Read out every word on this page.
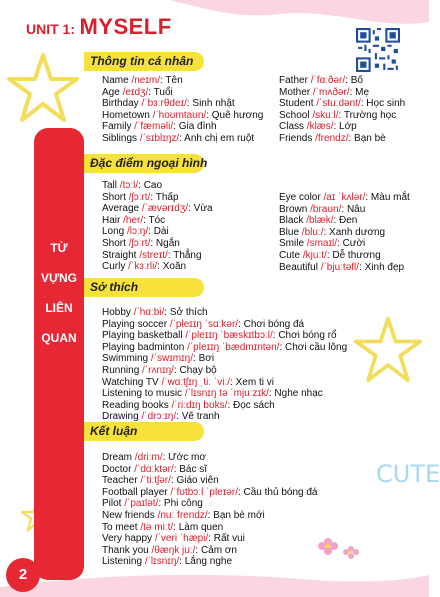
UNIT 1: MYSELF
CUTE
TỪ
VỰNG
LIÊN
QUAN
2
Thông tin cá nhân
Name /neɪm/: Tên
Age /eɪdʒ/: Tuổi
Birthday /ˈbɜːrθdeɪ/: Sinh nhật
Hometown /ˈhoʊmtaʊn/: Quê hương
Family /ˈfæməli/: Gia đình
Siblings /ˈsɪblɪŋz/: Anh chị em ruột
Father /ˈfɑːðər/: Bố
Mother /ˈmʌðər/: Mẹ
Student /ˈstuːdənt/: Học sinh
School /skuːl/: Trường học
Class /klæs/: Lớp
Friends /frendz/: Bạn bè
Đặc điểm ngoại hình
Tall /tɔːl/: Cao
Short /ʃɔːrt/: Thấp
Average /ˈævərɪdʒ/: Vừa
Hair /her/: Tóc
Long /lɔːŋ/: Dài
Short /ʃɔːrt/: Ngắn
Straight /streɪt/: Thẳng
Curly /ˈkɜːrli/: Xoăn
Eye color /aɪ ˈkʌlər/: Màu mắt
Brown /braʊn/: Nâu
Black /blæk/: Đen
Blue /bluː/: Xanh dương
Smile /smaɪl/: Cười
Cute /kjuːt/: Dễ thương
Beautiful /ˈbjuːtəfl/: Xinh đẹp
Sở thích
Hobby /ˈhɑːbi/: Sở thích
Playing soccer /ˈpleɪɪŋ ˈsɑːkər/: Chơi bóng đá
Playing basketball /ˈpleɪɪŋ ˈbæskɪtbɔːl/: Chơi bóng rổ
Playing badminton /ˈpleɪɪŋ ˈbædmɪntən/: Chơi cầu lông
Swimming /ˈswɪmɪŋ/: Bơi
Running /ˈrʌnɪŋ/: Chạy bộ
Watching TV /ˈwɑːtʃɪŋ ˌtiː ˈviː/: Xem ti vi
Listening to music /ˈlɪsnɪŋ tə ˈmjuːzɪk/: Nghe nhạc
Reading books /ˈriːdɪŋ bʊks/: Đọc sách
Drawing /ˈdrɔːɪŋ/: Vẽ tranh
Kết luận
Dream /driːm/: Ước mơ
Doctor /ˈdɑːktər/: Bác sĩ
Teacher /ˈtiːtʃər/: Giáo viên
Football player /ˈfʊtbɔːl ˈpleɪər/: Cầu thủ bóng đá
Pilot /ˈpaɪlət/: Phi công
New friends /nuː frendz/: Bạn bè mới
To meet /tə miːt/: Làm quen
Very happy /ˈveri ˈhæpi/: Rất vui
Thank you /θæŋk juː/: Cảm ơn
Listening /ˈlɪsnɪŋ/: Lắng nghe
